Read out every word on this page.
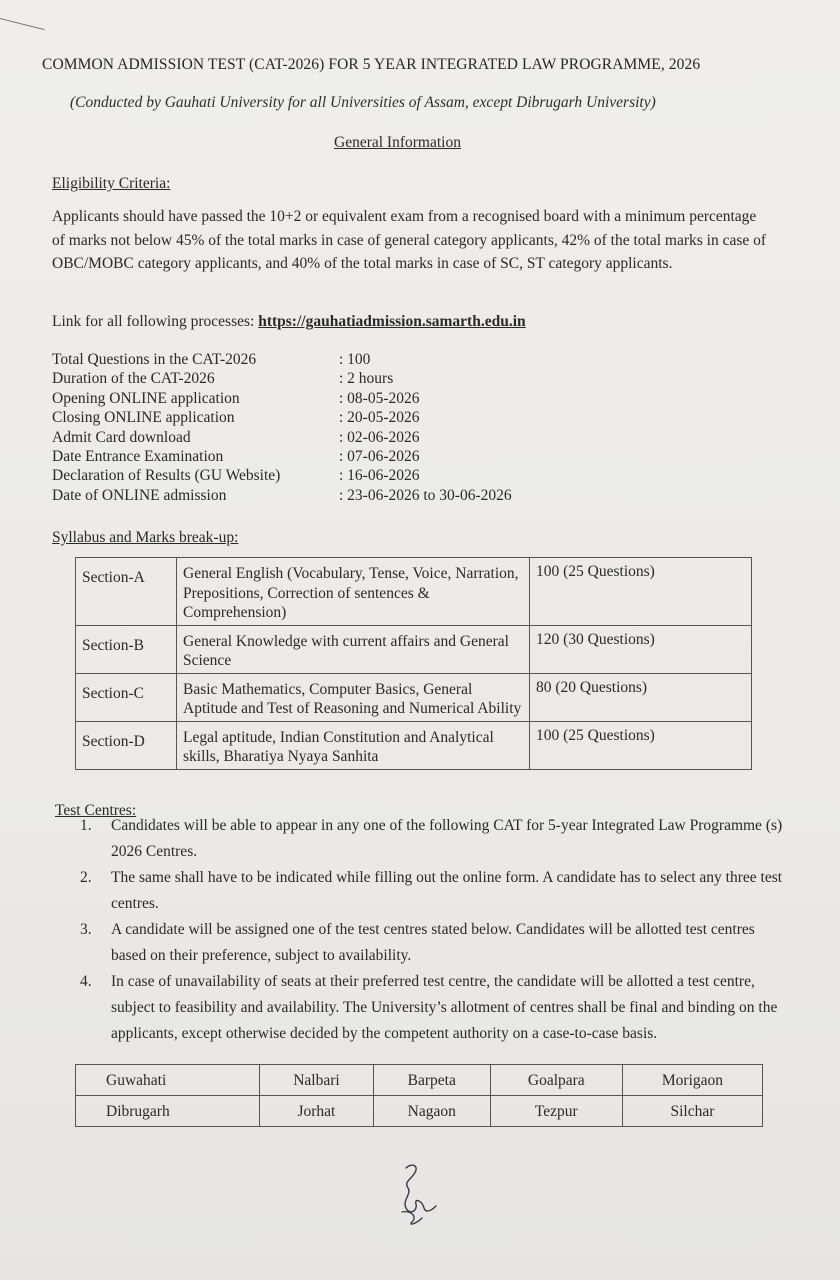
COMMON ADMISSION TEST (CAT-2026) FOR 5 YEAR INTEGRATED LAW PROGRAMME, 2026
(Conducted by Gauhati University for all Universities of Assam, except Dibrugarh University)
General Information
Eligibility Criteria:
Applicants should have passed the 10+2 or equivalent exam from a recognised board with a minimum percentage of marks not below 45% of the total marks in case of general category applicants, 42% of the total marks in case of OBC/MOBC category applicants, and 40% of the total marks in case of SC, ST category applicants.
Link for all following processes: https://gauhatiadmission.samarth.edu.in
Total Questions in the CAT-2026	: 100
Duration of the CAT-2026	: 2 hours
Opening ONLINE application	: 08-05-2026
Closing ONLINE application	: 20-05-2026
Admit Card download	: 02-06-2026
Date Entrance Examination	: 07-06-2026
Declaration of Results (GU Website)	: 16-06-2026
Date of ONLINE admission	: 23-06-2026 to 30-06-2026
Syllabus and Marks break-up:
Section-A	General English (Vocabulary, Tense, Voice, Narration, Prepositions, Correction of sentences & Comprehension)	100 (25 Questions)
Section-B	General Knowledge with current affairs and General Science	120 (30 Questions)
Section-C	Basic Mathematics, Computer Basics, General Aptitude and Test of Reasoning and Numerical Ability	80 (20 Questions)
Section-D	Legal aptitude, Indian Constitution and Analytical skills, Bharatiya Nyaya Sanhita	100 (25 Questions)
Test Centres:
1.	Candidates will be able to appear in any one of the following CAT for 5-year Integrated Law Programme (s) 2026 Centres.
2.	The same shall have to be indicated while filling out the online form. A candidate has to select any three test centres.
3.	A candidate will be assigned one of the test centres stated below. Candidates will be allotted test centres based on their preference, subject to availability.
4.	In case of unavailability of seats at their preferred test centre, the candidate will be allotted a test centre, subject to feasibility and availability. The University’s allotment of centres shall be final and binding on the applicants, except otherwise decided by the competent authority on a case-to-case basis.
Guwahati	Nalbari	Barpeta	Goalpara	Morigaon
Dibrugarh	Jorhat	Nagaon	Tezpur	Silchar
